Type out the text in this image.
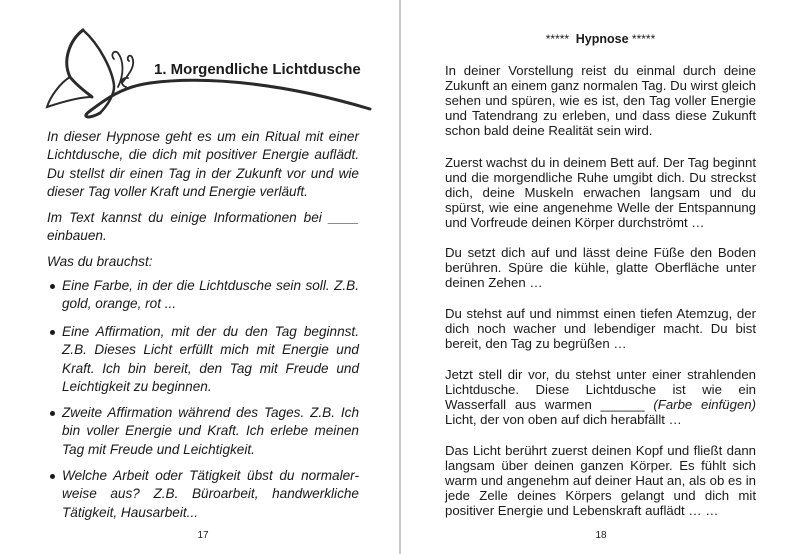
1. Morgendliche Lichtdusche

In dieser Hypnose geht es um ein Ritual mit einer Lichtdusche, die dich mit positiver Energie auflädt. Du stellst dir einen Tag in der Zukunft vor und wie dieser Tag voller Kraft und Energie verläuft.

Im Text kannst du einige Informationen bei ____ einbauen.

Was du brauchst:

Eine Farbe, in der die Lichtdusche sein soll. Z.B. gold, orange, rot ...
Eine Affirmation, mit der du den Tag beginnst. Z.B. Dieses Licht erfüllt mich mit Energie und Kraft. Ich bin bereit, den Tag mit Freude und Leichtigkeit zu beginnen.
Zweite Affirmation während des Tages. Z.B. Ich bin voller Energie und Kraft. Ich erlebe meinen Tag mit Freude und Leichtigkeit.
Welche Arbeit oder Tätigkeit übst du normaler-weise aus? Z.B. Büroarbeit, handwerkliche Tätigkeit, Hausarbeit...
17
***** Hypnose *****

In deiner Vorstellung reist du einmal durch deine Zukunft an einem ganz normalen Tag. Du wirst gleich sehen und spüren, wie es ist, den Tag voller Energie und Tatendrang zu erleben, und dass diese Zukunft schon bald deine Realität sein wird.

Zuerst wachst du in deinem Bett auf. Der Tag beginnt und die morgendliche Ruhe umgibt dich. Du streckst dich, deine Muskeln erwachen langsam und du spürst, wie eine angenehme Welle der Entspannung und Vorfreude deinen Körper durchströmt …

Du setzt dich auf und lässt deine Füße den Boden berühren. Spüre die kühle, glatte Oberfläche unter deinen Zehen …

Du stehst auf und nimmst einen tiefen Atemzug, der dich noch wacher und lebendiger macht. Du bist bereit, den Tag zu begrüßen …

Jetzt stell dir vor, du stehst unter einer strahlenden Lichtdusche. Diese Lichtdusche ist wie ein Wasserfall aus warmen ______ (Farbe einfügen) Licht, der von oben auf dich herabfällt …

Das Licht berührt zuerst deinen Kopf und fließt dann langsam über deinen ganzen Körper. Es fühlt sich warm und angenehm auf deiner Haut an, als ob es in jede Zelle deines Körpers gelangt und dich mit positiver Energie und Lebenskraft auflädt … …

18
